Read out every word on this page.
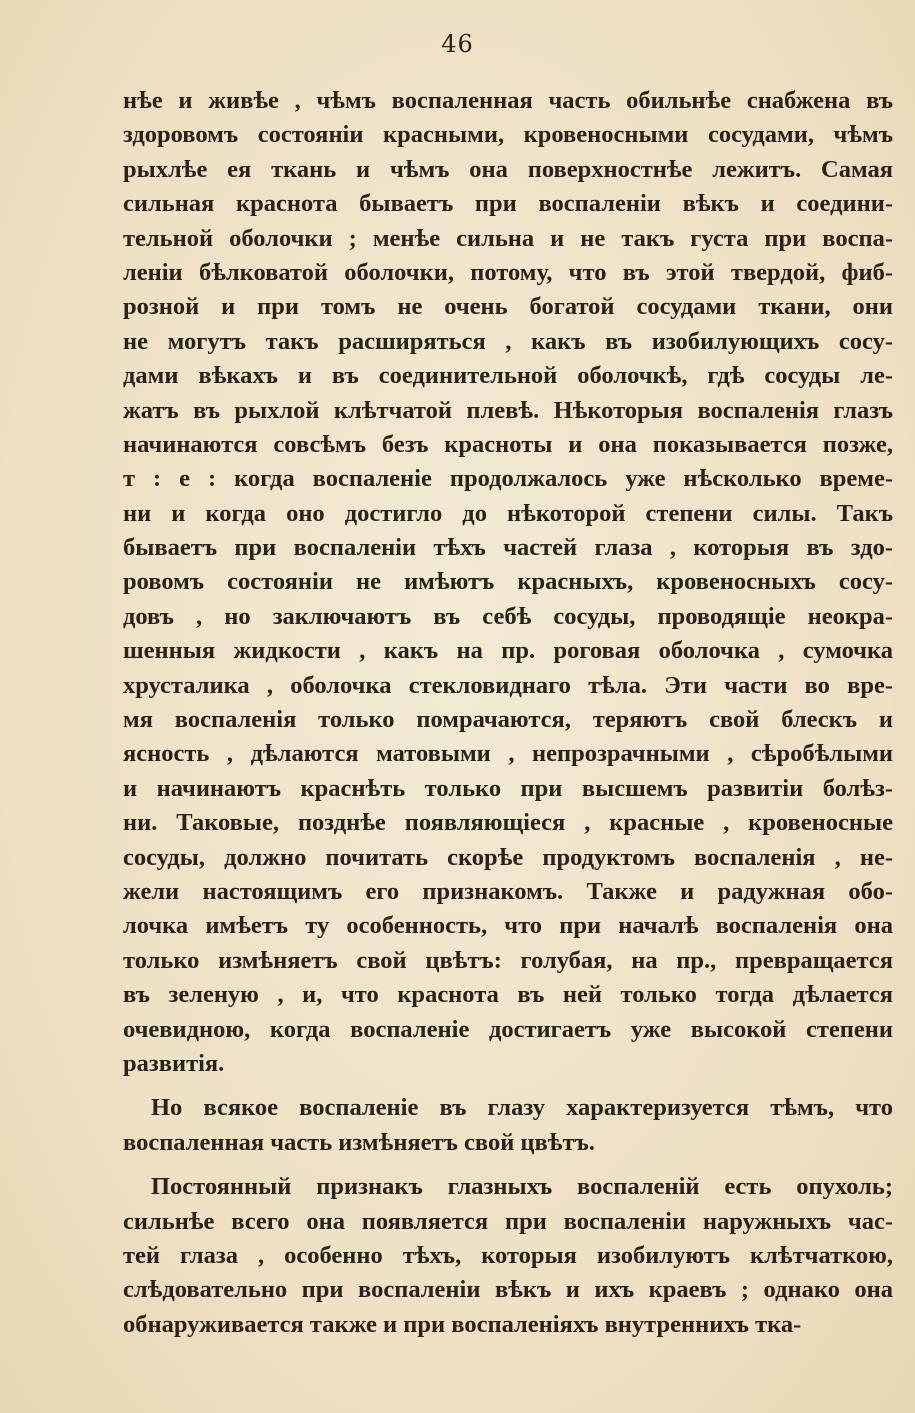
46
нѣе и живѣе , чѣмъ воспаленная часть обильнѣе снабжена въ
здоровомъ состояніи красными, кровеносными сосудами, чѣмъ
рыхлѣе ея ткань и чѣмъ она поверхностнѣе лежитъ. Самая
сильная краснота бываетъ при воспаленіи вѣкъ и соедини-
тельной оболочки ; менѣе сильна и не такъ густа при воспа-
леніи бѣлковатой оболочки, потому, что въ этой твердой, фиб-
розной и при томъ не очень богатой сосудами ткани, они
не могутъ такъ расширяться , какъ въ изобилующихъ сосу-
дами вѣкахъ и въ соединительной оболочкѣ, гдѣ сосуды ле-
жатъ въ рыхлой клѣтчатой плевѣ. Нѣкоторыя воспаленія глазъ
начинаются совсѣмъ безъ красноты и она показывается позже,
т : е : когда воспаленіе продолжалось уже нѣсколько време-
ни и когда оно достигло до нѣкоторой степени силы. Такъ
бываетъ при воспаленіи тѣхъ частей глаза , которыя въ здо-
ровомъ состояніи не имѣютъ красныхъ, кровеносныхъ сосу-
довъ , но заключаютъ въ себѣ сосуды, проводящіе неокра-
шенныя жидкости , какъ на пр. роговая оболочка , сумочка
хрусталика , оболочка стекловиднаго тѣла. Эти части во вре-
мя воспаленія только помрачаются, теряютъ свой блескъ и
ясность , дѣлаются матовыми , непрозрачными , сѣробѣлыми
и начинаютъ краснѣть только при высшемъ развитіи болѣз-
ни. Таковые, позднѣе появляющіеся , красные , кровеносные
сосуды, должно почитать скорѣе продуктомъ воспаленія , не-
жели настоящимъ его признакомъ. Также и радужная обо-
лочка имѣетъ ту особенность, что при началѣ воспаленія она
только измѣняетъ свой цвѣтъ: голубая, на пр., превращается
въ зеленую , и, что краснота въ ней только тогда дѣлается
очевидною, когда воспаленіе достигаетъ уже высокой степени
развитія.
Но всякое воспаленіе въ глазу характеризуется тѣмъ, что
воспаленная часть измѣняетъ свой цвѣтъ.
Постоянный признакъ глазныхъ воспаленій есть опухоль;
сильнѣе всего она появляется при воспаленіи наружныхъ час-
тей глаза , особенно тѣхъ, которыя изобилуютъ клѣтчаткою,
слѣдовательно при воспаленіи вѣкъ и ихъ краевъ ; однако она
обнаруживается также и при воспаленіяхъ внутреннихъ тка-
